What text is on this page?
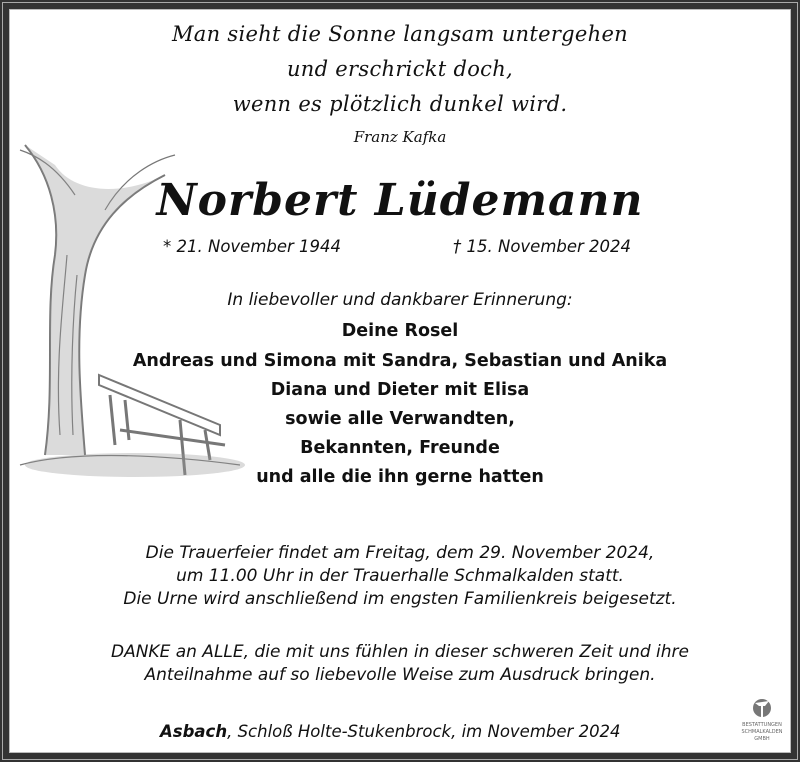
Man sieht die Sonne langsam untergehen
und erschrickt doch,
wenn es plötzlich dunkel wird.
Franz Kafka
Norbert Lüdemann
* 21. November 1944	† 15. November 2024
In liebevoller und dankbarer Erinnerung:
Deine Rosel
Andreas und Simona mit Sandra, Sebastian und Anika
Diana und Dieter mit Elisa
sowie alle Verwandten,
Bekannten, Freunde
und alle die ihn gerne hatten
Die Trauerfeier findet am Freitag, dem 29. November 2024,
um 11.00 Uhr in der Trauerhalle Schmalkalden statt.
Die Urne wird anschließend im engsten Familienkreis beigesetzt.
DANKE an ALLE, die mit uns fühlen in dieser schweren Zeit und ihre
Anteilnahme auf so liebevolle Weise zum Ausdruck bringen.
Asbach, Schloß Holte-Stukenbrock, im November 2024	BESTATTUNGEN
SCHMALKALDEN
GMBH
